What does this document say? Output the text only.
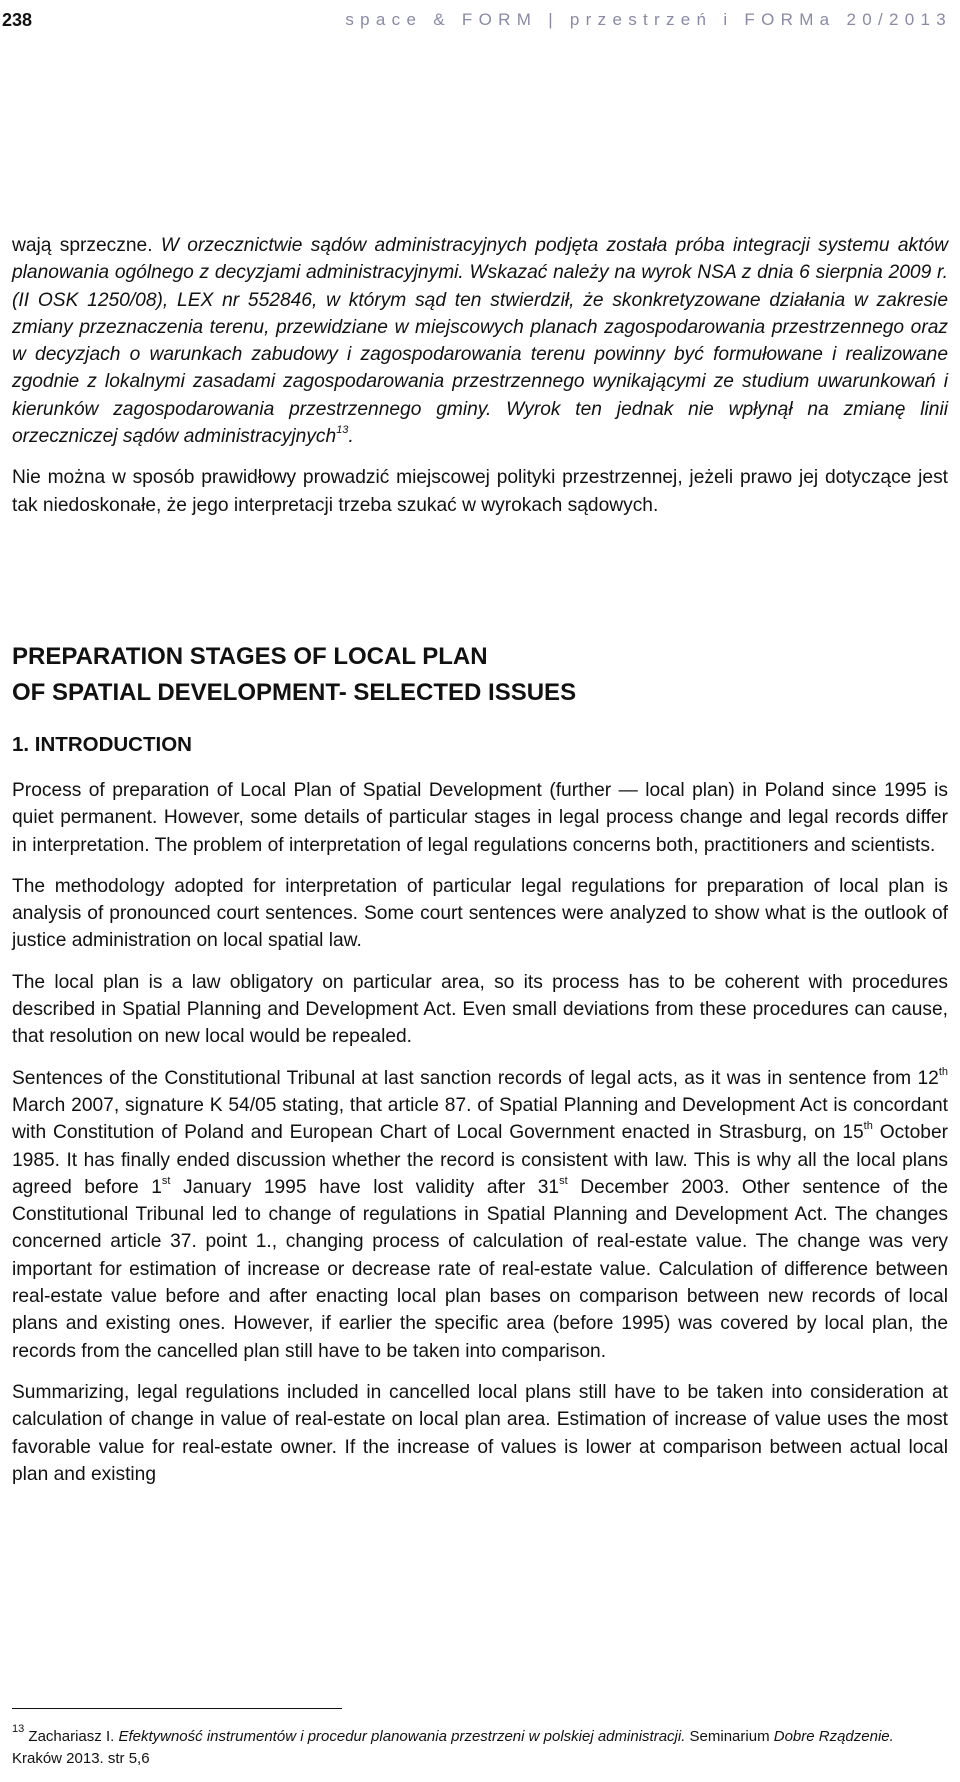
238	space & FORM | przestrzeń i FORMa 20/2013

wają sprzeczne. W orzecznictwie sądów administracyjnych podjęta została próba integracji systemu aktów planowania ogólnego z decyzjami administracyjnymi. Wskazać należy na wyrok NSA z dnia 6 sierpnia 2009 r. (II OSK 1250/08), LEX nr 552846, w którym sąd ten stwierdził, że skonkretyzowane działania w zakresie zmiany przeznaczenia terenu, przewidziane w miejscowych planach zagospodarowania przestrzennego oraz w decyzjach o warunkach zabudowy i zagospodarowania terenu powinny być formułowane i realizowane zgodnie z lokalnymi zasadami zagospodarowania przestrzennego wynikającymi ze studium uwarunkowań i kierunków zagospodarowania przestrzennego gminy. Wyrok ten jednak nie wpłynął na zmianę linii orzeczniczej sądów administracyjnych$^{13}$.

Nie można w sposób prawidłowy prowadzić miejscowej polityki przestrzennej, jeżeli prawo jej dotyczące jest tak niedoskonałe, że jego interpretacji trzeba szukać w wyrokach sądowych.

PREPARATION STAGES OF LOCAL PLAN
OF SPATIAL DEVELOPMENT- SELECTED ISSUES
1. INTRODUCTION

Process of preparation of Local Plan of Spatial Development (further — local plan) in Poland since 1995 is quiet permanent. However, some details of particular stages in legal process change and legal records differ in interpretation. The problem of interpretation of legal regulations concerns both, practitioners and scientists.

The methodology adopted for interpretation of particular legal regulations for preparation of local plan is analysis of pronounced court sentences. Some court sentences were analyzed to show what is the outlook of justice administration on local spatial law.

The local plan is a law obligatory on particular area, so its process has to be coherent with procedures described in Spatial Planning and Development Act. Even small deviations from these procedures can cause, that resolution on new local would be repealed.

Sentences of the Constitutional Tribunal at last sanction records of legal acts, as it was in sentence from 12th March 2007, signature K 54/05 stating, that article 87. of Spatial Planning and Development Act is concordant with Constitution of Poland and European Chart of Local Government enacted in Strasburg, on 15th October 1985. It has finally ended discussion whether the record is consistent with law. This is why all the local plans agreed before 1st January 1995 have lost validity after 31st December 2003. Other sentence of the Constitutional Tribunal led to change of regulations in Spatial Planning and Development Act. The changes concerned article 37. point 1., changing process of calculation of real-estate value. The change was very important for estimation of increase or decrease rate of real-estate value. Calculation of difference between real-estate value before and after enacting local plan bases on comparison between new records of local plans and existing ones. However, if earlier the specific area (before 1995) was covered by local plan, the records from the cancelled plan still have to be taken into comparison.

Summarizing, legal regulations included in cancelled local plans still have to be taken into consideration at calculation of change in value of real-estate on local plan area. Estimation of increase of value uses the most favorable value for real-estate owner. If the increase of values is lower at comparison between actual local plan and existing

$^{13}$ Zachariasz I. Efektywność instrumentów i procedur planowania przestrzeni w polskiej administracji. Seminarium Dobre Rządzenie. Kraków 2013. str 5,6
